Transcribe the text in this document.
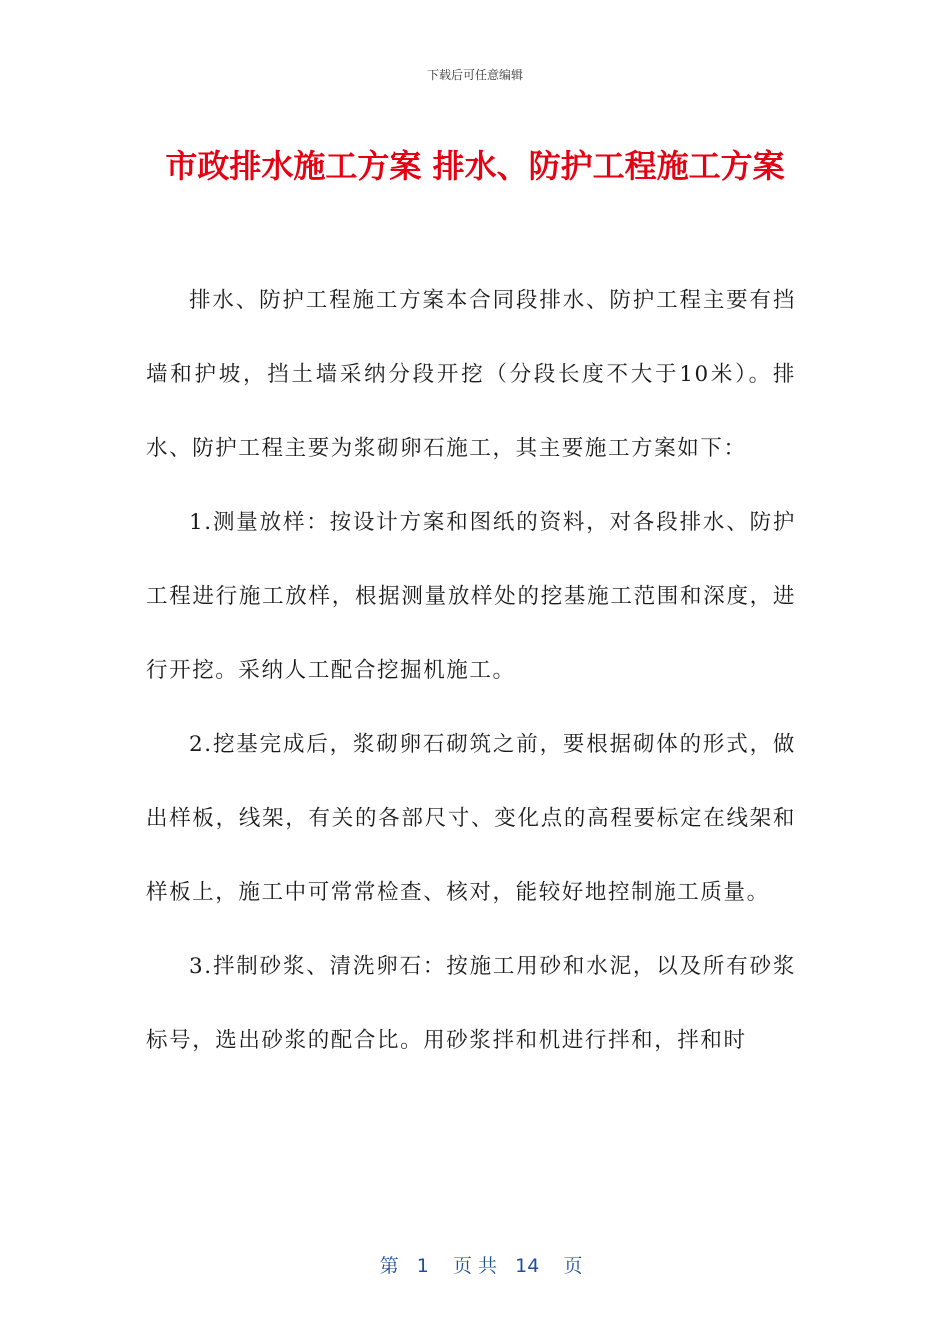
下载后可任意编辑
市政排水施工方案 排水、防护工程施工方案

排水、防护工程施工方案本合同段排水、防护工程主要有挡墙和护坡，挡土墙采纳分段开挖（分段长度不大于10米）。排水、防护工程主要为浆砌卵石施工，其主要施工方案如下：

1.测量放样：按设计方案和图纸的资料，对各段排水、防护工程进行施工放样，根据测量放样处的挖基施工范围和深度，进行开挖。采纳人工配合挖掘机施工。

2.挖基完成后，浆砌卵石砌筑之前，要根据砌体的形式，做出样板，线架，有关的各部尺寸、变化点的高程要标定在线架和样板上，施工中可常常检查、核对，能较好地控制施工质量。

3.拌制砂浆、清洗卵石：按施工用砂和水泥，以及所有砂浆标号，选出砂浆的配合比。用砂浆拌和机进行拌和，拌和时

第 1 页 共 14 页
